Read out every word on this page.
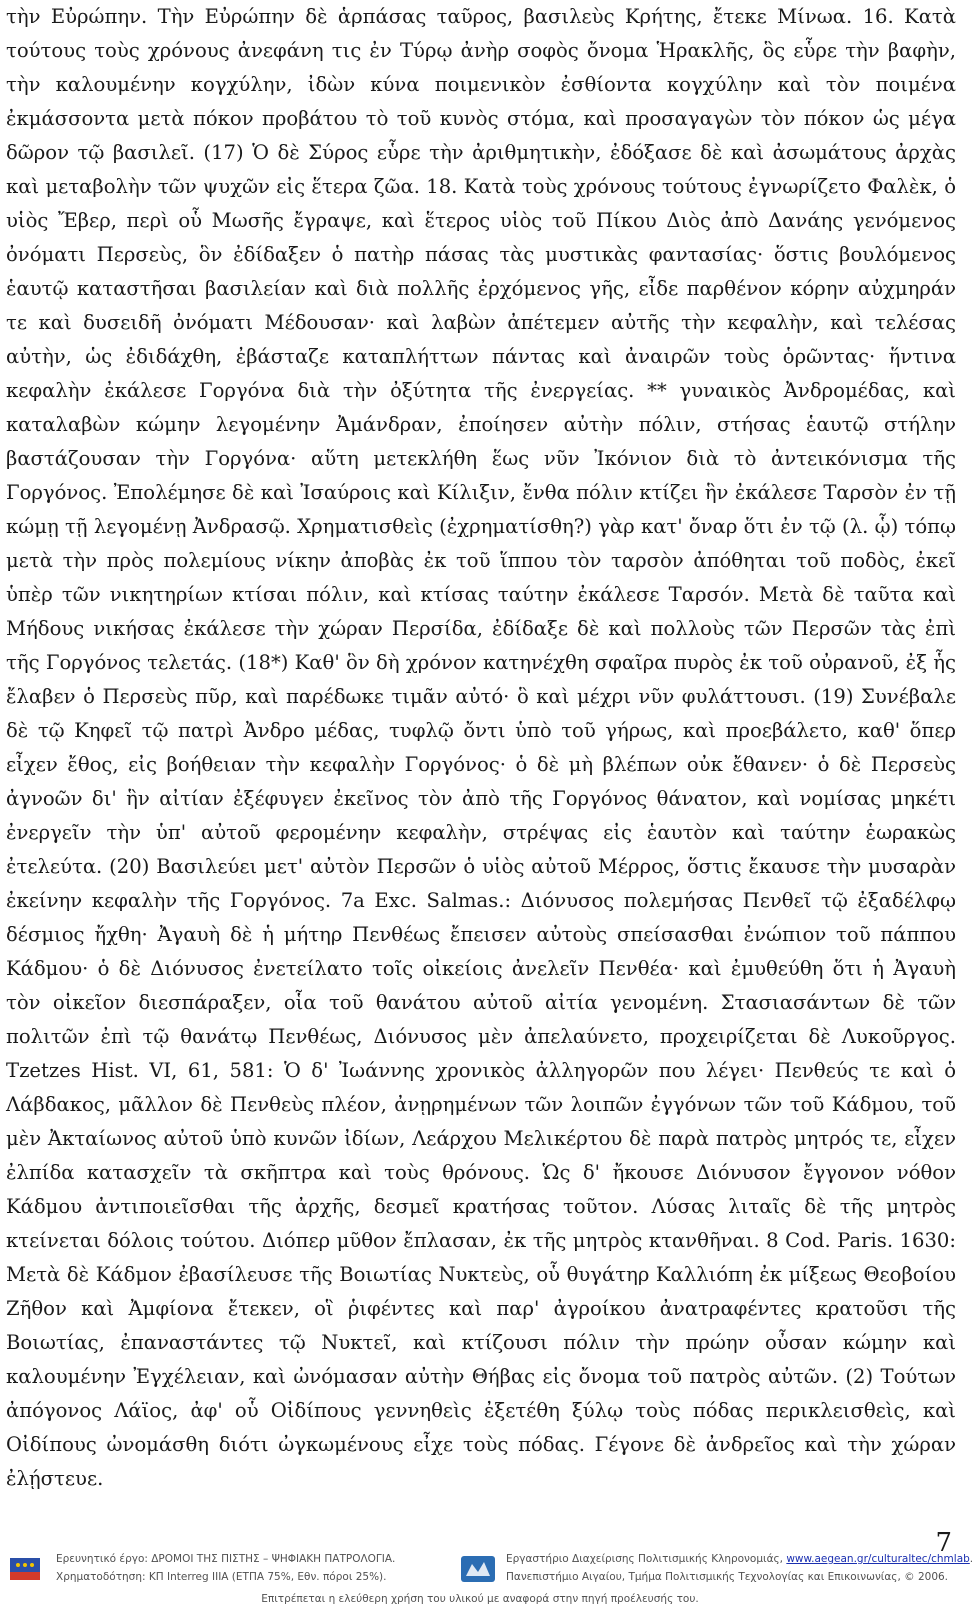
τὴν Εὐρώπην. Τὴν Εὐρώπην δὲ ἁρπάσας ταῦρος, βασιλεὺς Κρήτης, ἔτεκε Μίνωα. 16. Κατὰ τούτους τοὺς χρόνους ἀνεφάνη τις ἐν Τύρῳ ἀνὴρ σοφὸς ὄνομα Ἡρακλῆς, ὃς εὗρε τὴν βαφὴν, τὴν καλουμένην κογχύλην, ἰδὼν κύνα ποιμενικὸν ἐσθίοντα κογχύλην καὶ τὸν ποιμένα ἐκμάσσοντα μετὰ πόκον προβάτου τὸ τοῦ κυνὸς στόμα, καὶ προσαγαγὼν τὸν πόκον ὡς μέγα δῶρον τῷ βασιλεῖ. (17) Ὁ δὲ Σύρος εὗρε τὴν ἀριθμητικὴν, ἐδόξασε δὲ καὶ ἀσωμάτους ἀρχὰς καὶ μεταβολὴν τῶν ψυχῶν εἰς ἕτερα ζῶα. 18. Κατὰ τοὺς χρόνους τούτους ἐγνωρίζετο Φαλὲκ, ὁ υἱὸς Ἔβερ, περὶ οὗ Μωσῆς ἔγραψε, καὶ ἕτερος υἱὸς τοῦ Πίκου Διὸς ἀπὸ Δανάης γενόμενος ὀνόματι Περσεὺς, ὃν ἐδίδαξεν ὁ πατὴρ πάσας τὰς μυστικὰς φαντασίας· ὅστις βουλόμενος ἑαυτῷ καταστῆσαι βασιλείαν καὶ διὰ πολλῆς ἐρχόμενος γῆς, εἶδε παρθένον κόρην αὐχμηράν τε καὶ δυσειδῆ ὀνόματι Μέδουσαν· καὶ λαβὼν ἀπέτεμεν αὐτῆς τὴν κεφαλὴν, καὶ τελέσας αὐτὴν, ὡς ἐδιδάχθη, ἐβάσταζε καταπλήττων πάντας καὶ ἀναιρῶν τοὺς ὁρῶντας· ἥντινα κεφαλὴν ἐκάλεσε Γοργόνα διὰ τὴν ὀξύτητα τῆς ἐνεργείας. ** γυναικὸς Ἀνδρομέδας, καὶ καταλαβὼν κώμην λεγομένην Ἀμάνδραν, ἐποίησεν αὐτὴν πόλιν, στήσας ἑαυτῷ στήλην βαστάζουσαν τὴν Γοργόνα· αὕτη μετεκλήθη ἕως νῦν Ἰκόνιον διὰ τὸ ἀντεικόνισμα τῆς Γοργόνος. Ἐπολέμησε δὲ καὶ Ἰσαύροις καὶ Κίλιξιν, ἔνθα πόλιν κτίζει ἣν ἐκάλεσε Ταρσὸν ἐν τῇ κώμῃ τῇ λεγομένῃ Ἀνδρασῷ. Χρηματισθεὶς (ἐχρηματίσθη?) γὰρ κατ' ὄναρ ὅτι ἐν τῷ (λ. ᾧ) τόπῳ μετὰ τὴν πρὸς πολεμίους νίκην ἀποβὰς ἐκ τοῦ ἵππου τὸν ταρσὸν ἀπόθηται τοῦ ποδὸς, ἐκεῖ ὑπὲρ τῶν νικητηρίων κτίσαι πόλιν, καὶ κτίσας ταύτην ἐκάλεσε Ταρσόν. Μετὰ δὲ ταῦτα καὶ Μήδους νικήσας ἐκάλεσε τὴν χώραν Περσίδα, ἐδίδαξε δὲ καὶ πολλοὺς τῶν Περσῶν τὰς ἐπὶ τῆς Γοργόνος τελετάς. (18*) Καθ' ὃν δὴ χρόνον κατηνέχθη σφαῖρα πυρὸς ἐκ τοῦ οὐρανοῦ, ἐξ ἧς ἔλαβεν ὁ Περσεὺς πῦρ, καὶ παρέδωκε τιμᾶν αὐτό· ὃ καὶ μέχρι νῦν φυλάττουσι. (19) Συνέβαλε δὲ τῷ Κηφεῖ τῷ πατρὶ Ἀνδρο μέδας, τυφλῷ ὄντι ὑπὸ τοῦ γήρως, καὶ προεβάλετο, καθ' ὅπερ εἶχεν ἔθος, εἰς βοήθειαν τὴν κεφαλὴν Γοργόνος· ὁ δὲ μὴ βλέπων οὐκ ἔθανεν· ὁ δὲ Περσεὺς ἀγνοῶν δι' ἣν αἰτίαν ἐξέφυγεν ἐκεῖνος τὸν ἀπὸ τῆς Γοργόνος θάνατον, καὶ νομίσας μηκέτι ἐνεργεῖν τὴν ὑπ' αὐτοῦ φερομένην κεφαλὴν, στρέψας εἰς ἑαυτὸν καὶ ταύτην ἑωρακὼς ἐτελεύτα. (20) Βασιλεύει μετ' αὐτὸν Περσῶν ὁ υἱὸς αὐτοῦ Μέρρος, ὅστις ἔκαυσε τὴν μυσαρὰν ἐκείνην κεφαλὴν τῆς Γοργόνος. 7a Exc. Salmas.: Διόνυσος πολεμήσας Πενθεῖ τῷ ἐξαδέλφῳ δέσμιος ἤχθη· Ἀγαυὴ δὲ ἡ μήτηρ Πενθέως ἔπεισεν αὐτοὺς σπείσασθαι ἐνώπιον τοῦ πάππου Κάδμου· ὁ δὲ Διόνυσος ἐνετείλατο τοῖς οἰκείοις ἀνελεῖν Πενθέα· καὶ ἐμυθεύθη ὅτι ἡ Ἀγαυὴ τὸν οἰκεῖον διεσπάραξεν, οἷα τοῦ θανάτου αὐτοῦ αἰτία γενομένη. Στασιασάντων δὲ τῶν πολιτῶν ἐπὶ τῷ θανάτῳ Πενθέως, Διόνυσος μὲν ἀπελαύνετο, προχειρίζεται δὲ Λυκοῦργος. Tzetzes Hist. VI, 61, 581: Ὁ δ' Ἰωάννης χρονικὸς ἀλληγορῶν που λέγει· Πενθεύς τε καὶ ὁ Λάβδακος, μᾶλλον δὲ Πενθεὺς πλέον, ἀνῃρημένων τῶν λοιπῶν ἐγγόνων τῶν τοῦ Κάδμου, τοῦ μὲν Ἀκταίωνος αὐτοῦ ὑπὸ κυνῶν ἰδίων, Λεάρχου Μελικέρτου δὲ παρὰ πατρὸς μητρός τε, εἶχεν ἐλπίδα κατασχεῖν τὰ σκῆπτρα καὶ τοὺς θρόνους. Ὡς δ' ἤκουσε Διόνυσον ἔγγονον νόθον Κάδμου ἀντιποιεῖσθαι τῆς ἀρχῆς, δεσμεῖ κρατήσας τοῦτον. Λύσας λιταῖς δὲ τῆς μητρὸς κτείνεται δόλοις τούτου. Διόπερ μῦθον ἔπλασαν, ἐκ τῆς μητρὸς κτανθῆναι. 8 Cod. Paris. 1630: Μετὰ δὲ Κάδμον ἐβασίλευσε τῆς Βοιωτίας Νυκτεὺς, οὗ θυγάτηρ Καλλιόπη ἐκ μίξεως Θεοβοίου Ζῆθον καὶ Ἀμφίονα ἔτεκεν, οἳ ῥιφέντες καὶ παρ' ἀγροίκου ἀνατραφέντες κρατοῦσι τῆς Βοιωτίας, ἐπαναστάντες τῷ Νυκτεῖ, καὶ κτίζουσι πόλιν τὴν πρώην οὖσαν κώμην καὶ καλουμένην Ἐγχέλειαν, καὶ ὠνόμασαν αὐτὴν Θήβας εἰς ὄνομα τοῦ πατρὸς αὐτῶν. (2) Τούτων ἀπόγονος Λάϊος, ἀφ' οὗ Οἰδίπους γεννηθεὶς ἐξετέθη ξύλῳ τοὺς πόδας περικλεισθεὶς, καὶ Οἰδίπους ὠνομάσθη διότι ὠγκωμένους εἶχε τοὺς πόδας. Γέγονε δὲ ἀνδρεῖος καὶ τὴν χώραν ἐλῄστευε.

7
Ερευνητικό έργο: ΔΡΟΜΟΙ ΤΗΣ ΠΙΣΤΗΣ – ΨΗΦΙΑΚΗ ΠΑΤΡΟΛΟΓΙΑ.
Χρηματοδότηση: ΚΠ Interreg IIIA (ΕΤΠΑ 75%, Εθν. πόροι 25%).
Εργαστήριο Διαχείρισης Πολιτισμικής Κληρονομιάς, www.aegean.gr/culturaltec/chmlab.
Πανεπιστήμιο Αιγαίου, Τμήμα Πολιτισμικής Τεχνολογίας και Επικοινωνίας, © 2006.
Επιτρέπεται η ελεύθερη χρήση του υλικού με αναφορά στην πηγή προέλευσής του.
